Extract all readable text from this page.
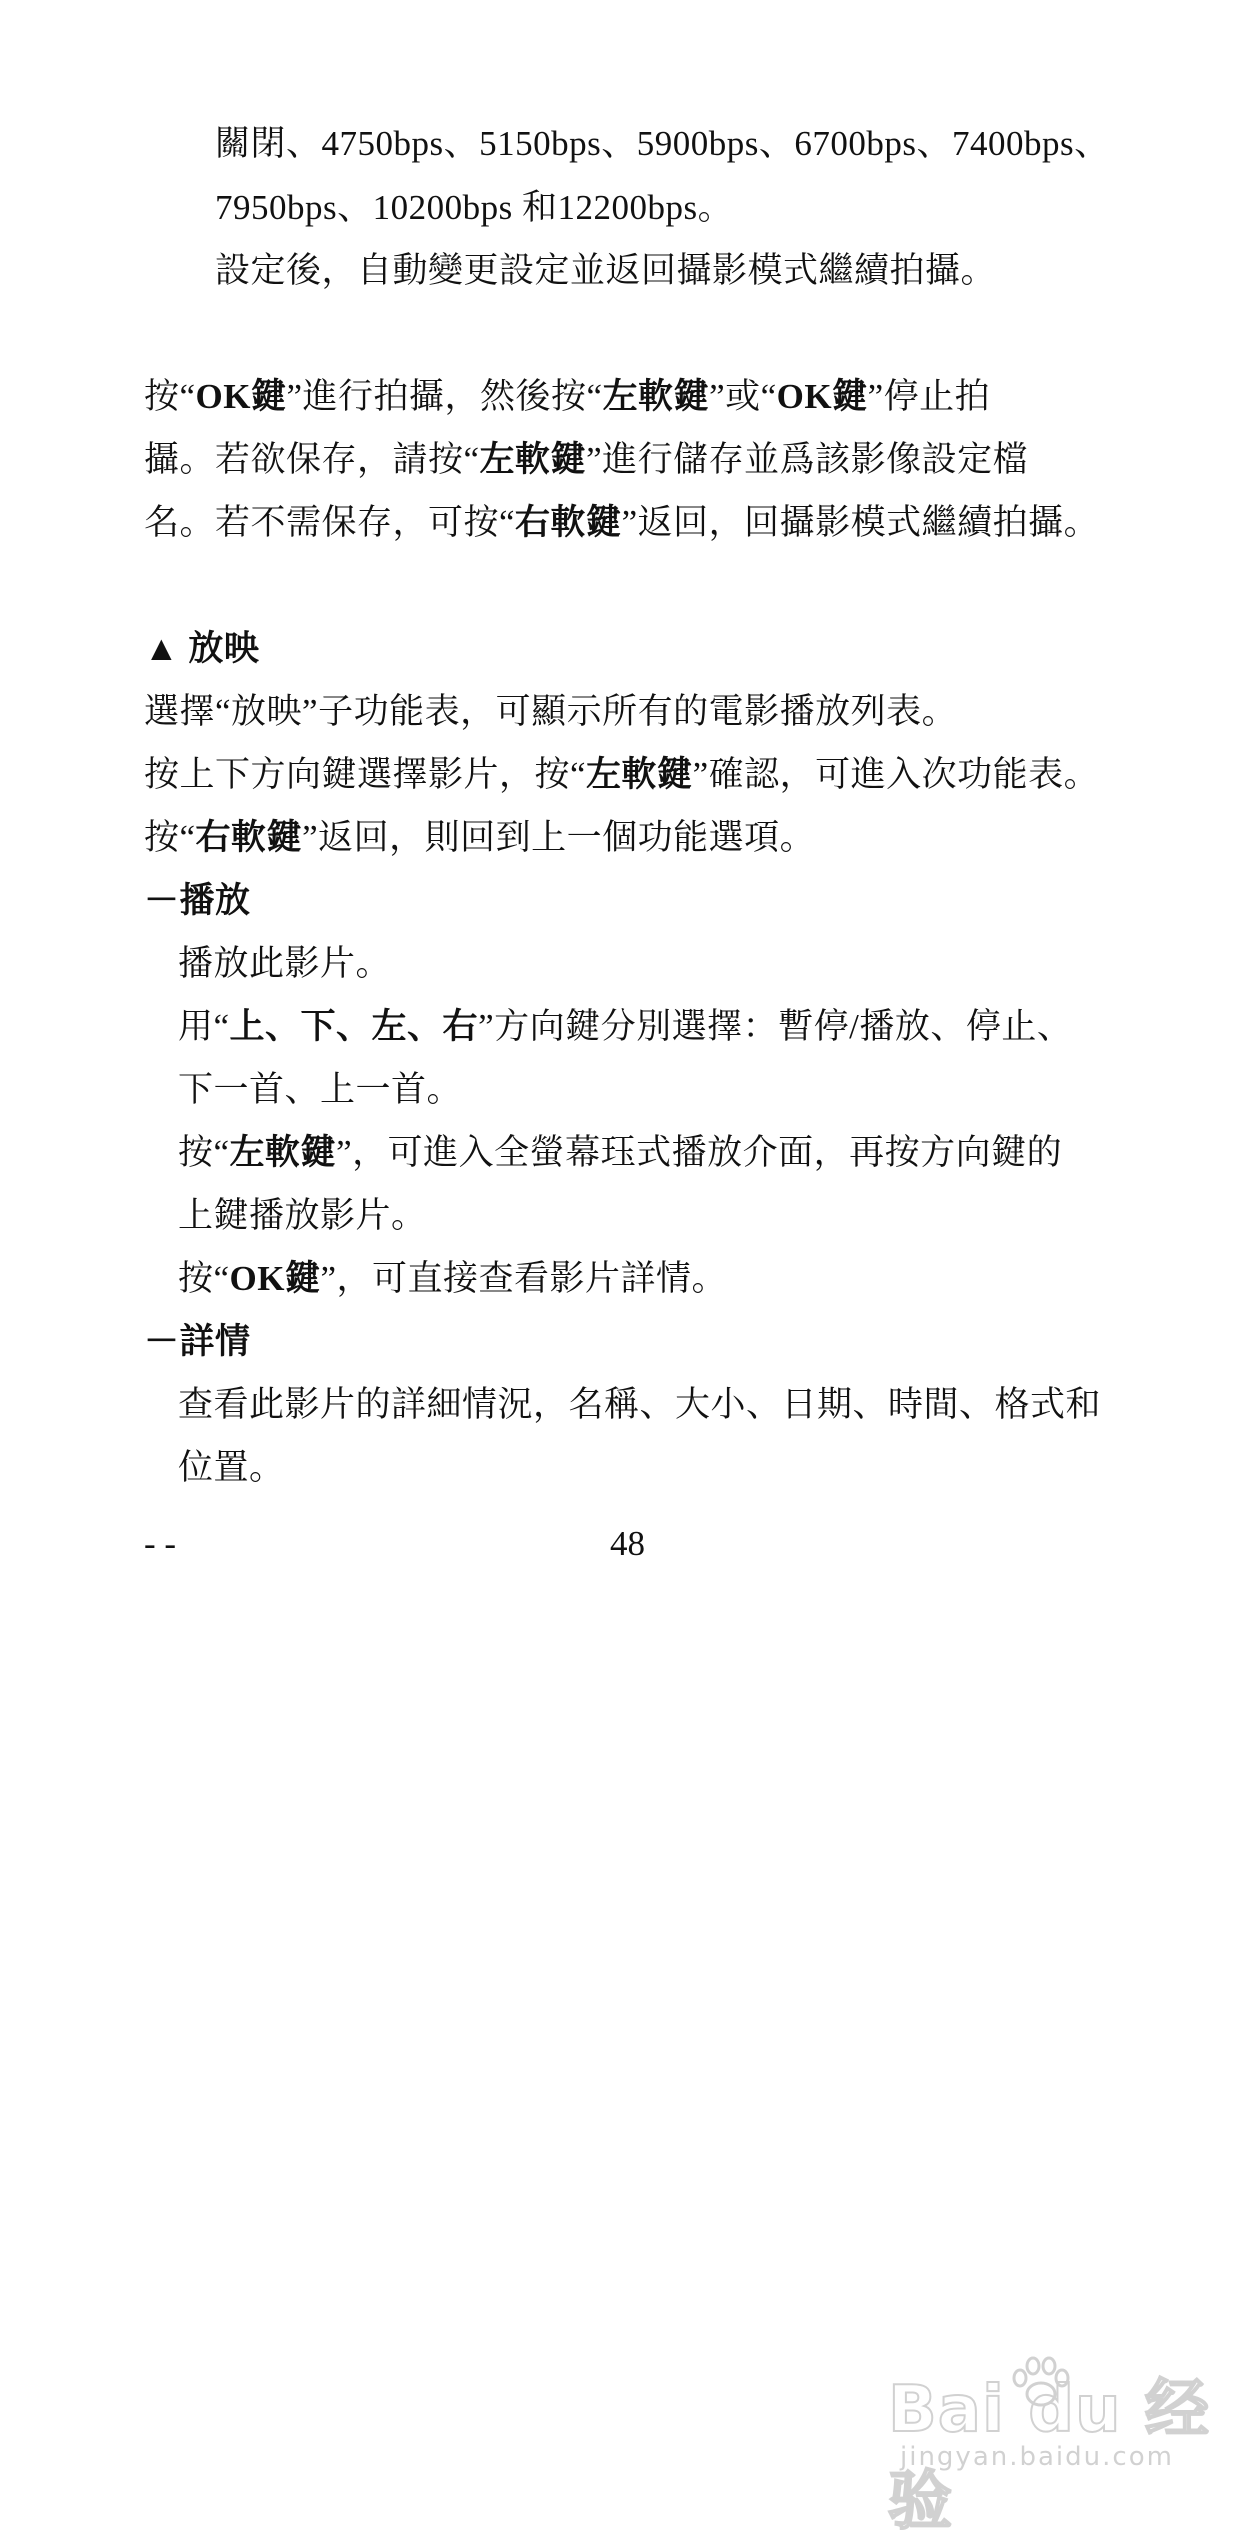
關閉、4750bps、5150bps、5900bps、6700bps、7400bps、
7950bps、10200bps 和12200bps。
設定後，自動變更設定並返回攝影模式繼續拍攝。
按“OK鍵”進行拍攝，然後按“左軟鍵”或“OK鍵”停止拍
攝。若欲保存，請按“左軟鍵”進行儲存並爲該影像設定檔
名。若不需保存，可按“右軟鍵”返回，回攝影模式繼續拍攝。
▲ 放映
選擇“放映”子功能表，可顯示所有的電影播放列表。
按上下方向鍵選擇影片，按“左軟鍵”確認，可進入次功能表。
按“右軟鍵”返回，則回到上一個功能選項。
－播放
播放此影片。
用“上、下、左、右”方向鍵分別選擇：暫停/播放、停止、
下一首、上一首。
按“左軟鍵”，可進入全螢幕珏式播放介面，再按方向鍵的
上鍵播放影片。
按“OK鍵”，可直接查看影片詳情。
－詳情
查看此影片的詳細情況，名稱、大小、日期、時間、格式和
位置。
- -	48
Bai du 经验
jingyan.baidu.com
